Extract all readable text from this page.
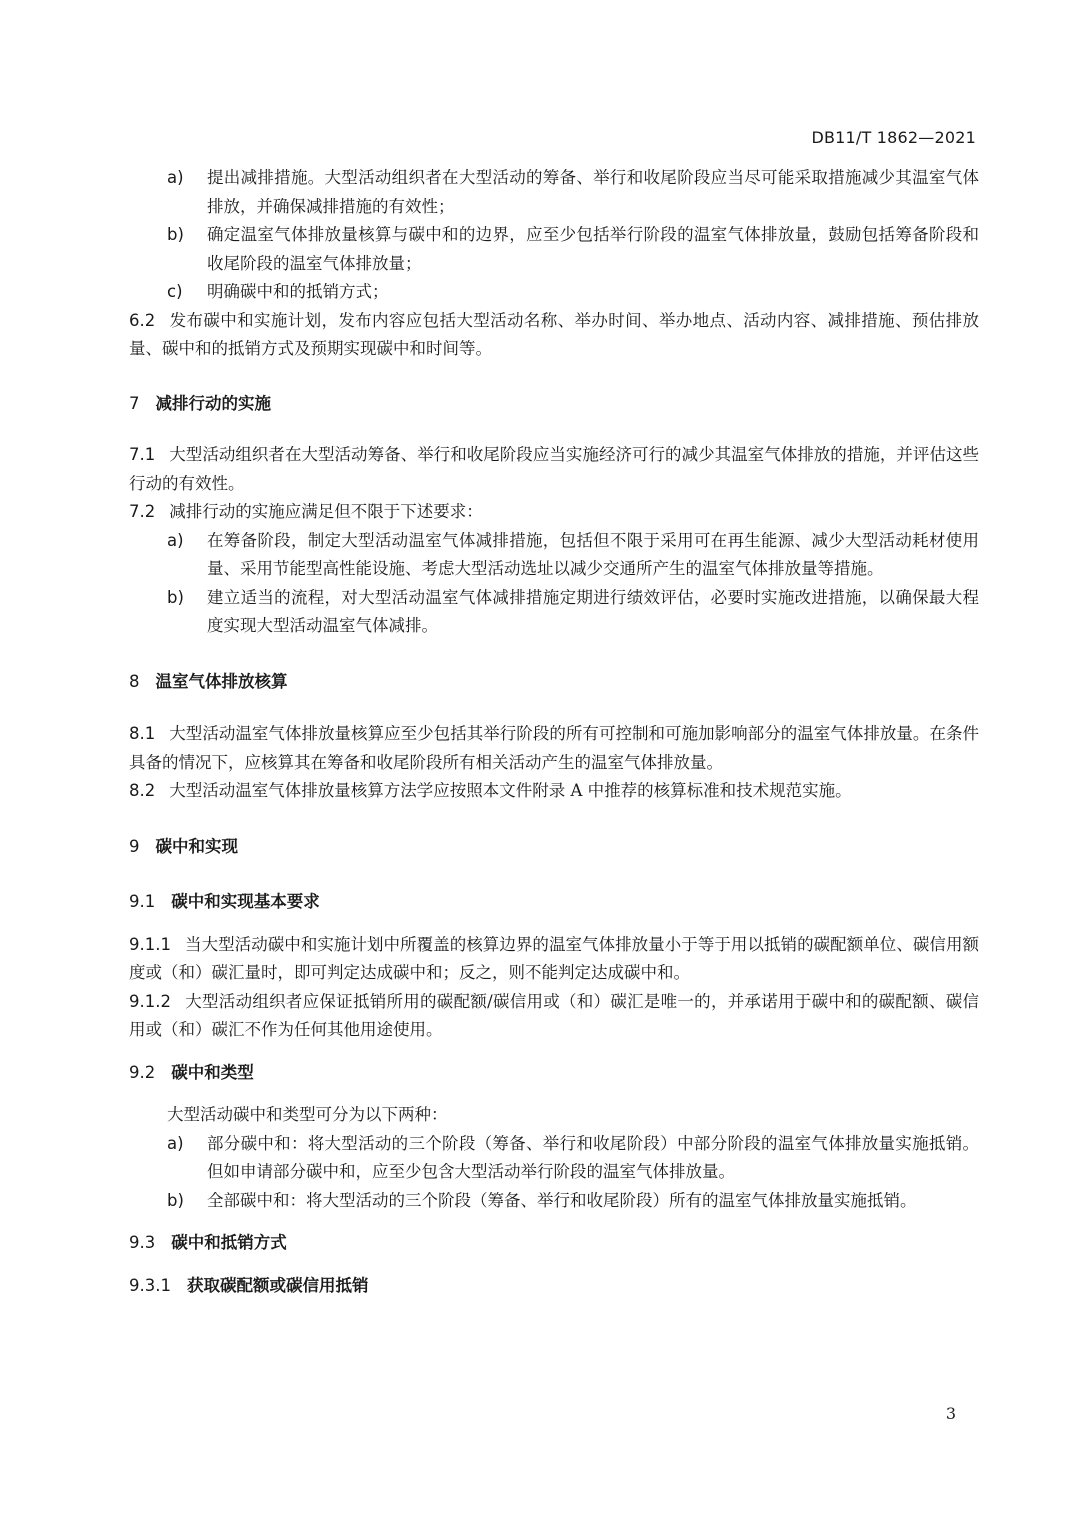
DB11/T 1862—2021
a) 提出减排措施。大型活动组织者在大型活动的筹备、举行和收尾阶段应当尽可能采取措施减少其温室气体排放，并确保减排措施的有效性；
b) 确定温室气体排放量核算与碳中和的边界，应至少包括举行阶段的温室气体排放量，鼓励包括筹备阶段和收尾阶段的温室气体排放量；
c) 明确碳中和的抵销方式；
6.2 发布碳中和实施计划，发布内容应包括大型活动名称、举办时间、举办地点、活动内容、减排措施、预估排放量、碳中和的抵销方式及预期实现碳中和时间等。
7 减排行动的实施
7.1 大型活动组织者在大型活动筹备、举行和收尾阶段应当实施经济可行的减少其温室气体排放的措施，并评估这些行动的有效性。
7.2 减排行动的实施应满足但不限于下述要求：
a) 在筹备阶段，制定大型活动温室气体减排措施，包括但不限于采用可在再生能源、减少大型活动耗材使用量、采用节能型高性能设施、考虑大型活动选址以减少交通所产生的温室气体排放量等措施。
b) 建立适当的流程，对大型活动温室气体减排措施定期进行绩效评估，必要时实施改进措施，以确保最大程度实现大型活动温室气体减排。
8 温室气体排放核算
8.1 大型活动温室气体排放量核算应至少包括其举行阶段的所有可控制和可施加影响部分的温室气体排放量。在条件具备的情况下，应核算其在筹备和收尾阶段所有相关活动产生的温室气体排放量。
8.2 大型活动温室气体排放量核算方法学应按照本文件附录 A 中推荐的核算标准和技术规范实施。
9 碳中和实现
9.1 碳中和实现基本要求
9.1.1 当大型活动碳中和实施计划中所覆盖的核算边界的温室气体排放量小于等于用以抵销的碳配额单位、碳信用额度或（和）碳汇量时，即可判定达成碳中和；反之，则不能判定达成碳中和。
9.1.2 大型活动组织者应保证抵销所用的碳配额/碳信用或（和）碳汇是唯一的，并承诺用于碳中和的碳配额、碳信用或（和）碳汇不作为任何其他用途使用。
9.2 碳中和类型
大型活动碳中和类型可分为以下两种：
a) 部分碳中和：将大型活动的三个阶段（筹备、举行和收尾阶段）中部分阶段的温室气体排放量实施抵销。但如申请部分碳中和，应至少包含大型活动举行阶段的温室气体排放量。
b) 全部碳中和：将大型活动的三个阶段（筹备、举行和收尾阶段）所有的温室气体排放量实施抵销。
9.3 碳中和抵销方式
9.3.1 获取碳配额或碳信用抵销
3
